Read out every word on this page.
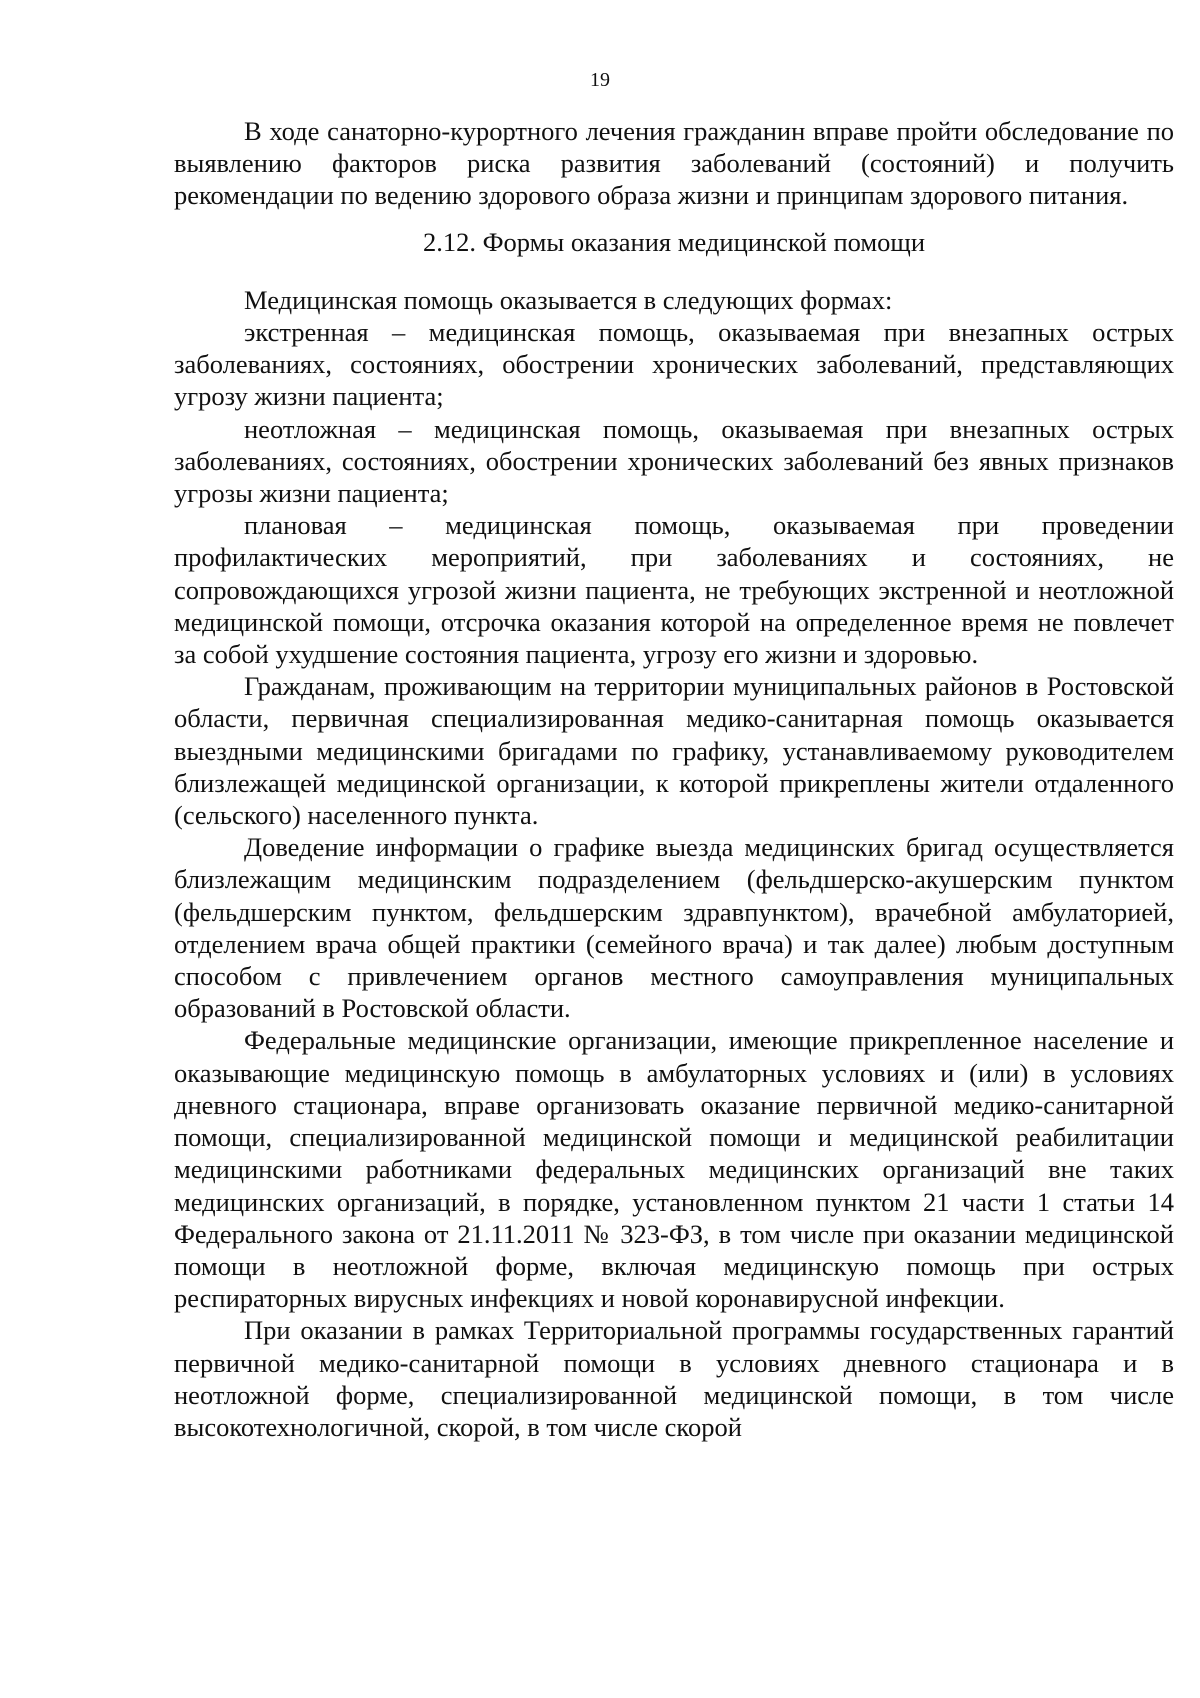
19

В ходе санаторно-курортного лечения гражданин вправе пройти обследование по выявлению факторов риска развития заболеваний (состояний) и получить рекомендации по ведению здорового образа жизни и принципам здорового питания.

2.12. Формы оказания медицинской помощи

Медицинская помощь оказывается в следующих формах:

экстренная – медицинская помощь, оказываемая при внезапных острых заболеваниях, состояниях, обострении хронических заболеваний, представляющих угрозу жизни пациента;

неотложная – медицинская помощь, оказываемая при внезапных острых заболеваниях, состояниях, обострении хронических заболеваний без явных признаков угрозы жизни пациента;

плановая – медицинская помощь, оказываемая при проведении профилактических мероприятий, при заболеваниях и состояниях, не сопровождающихся угрозой жизни пациента, не требующих экстренной и неотложной медицинской помощи, отсрочка оказания которой на определенное время не повлечет за собой ухудшение состояния пациента, угрозу его жизни и здоровью.

Гражданам, проживающим на территории муниципальных районов в Ростовской области, первичная специализированная медико-санитарная помощь оказывается выездными медицинскими бригадами по графику, устанавливаемому руководителем близлежащей медицинской организации, к которой прикреплены жители отдаленного (сельского) населенного пункта.

Доведение информации о графике выезда медицинских бригад осуществляется близлежащим медицинским подразделением (фельдшерско-акушерским пунктом (фельдшерским пунктом, фельдшерским здравпунктом), врачебной амбулаторией, отделением врача общей практики (семейного врача) и так далее) любым доступным способом с привлечением органов местного самоуправления муниципальных образований в Ростовской области.

Федеральные медицинские организации, имеющие прикрепленное население и оказывающие медицинскую помощь в амбулаторных условиях и (или) в условиях дневного стационара, вправе организовать оказание первичной медико-санитарной помощи, специализированной медицинской помощи и медицинской реабилитации медицинскими работниками федеральных медицинских организаций вне таких медицинских организаций, в порядке, установленном пунктом 21 части 1 статьи 14 Федерального закона от 21.11.2011 № 323-ФЗ, в том числе при оказании медицинской помощи в неотложной форме, включая медицинскую помощь при острых респираторных вирусных инфекциях и новой коронавирусной инфекции.

При оказании в рамках Территориальной программы государственных гарантий первичной медико-санитарной помощи в условиях дневного стационара и в неотложной форме, специализированной медицинской помощи, в том числе высокотехнологичной, скорой, в том числе скорой
